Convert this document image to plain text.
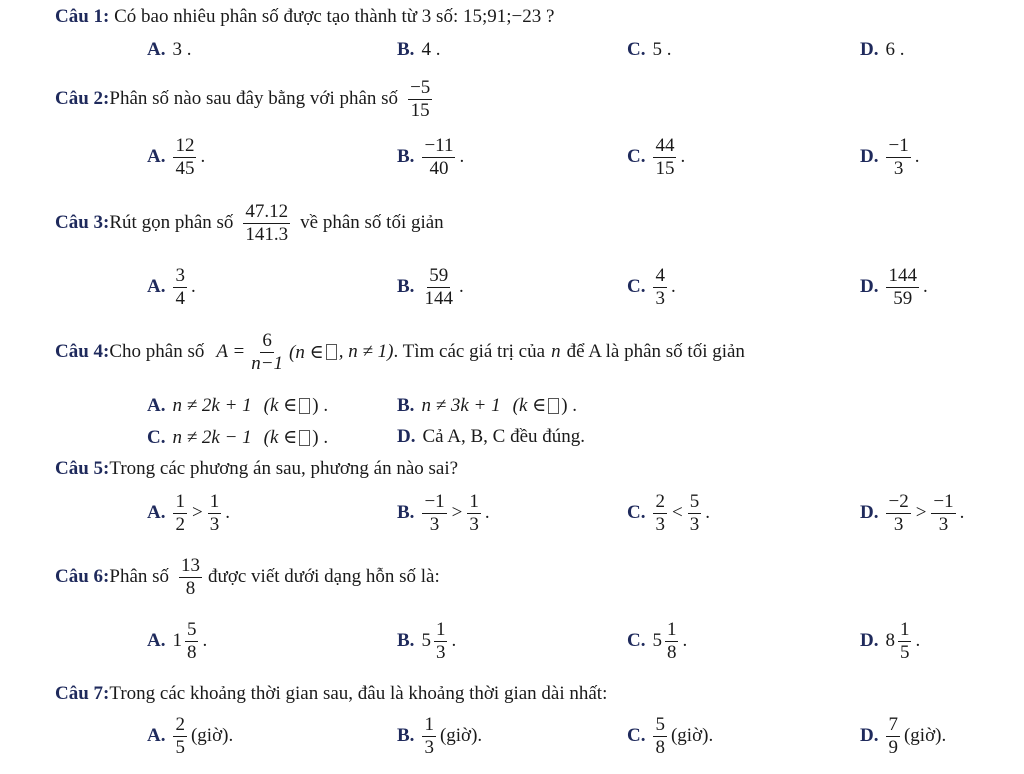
Câu 1: Có bao nhiêu phân số được tạo thành từ 3 số: 15;91;−23 ?
A. 3 .	B. 4 .	C. 5 .	D. 6 .
Câu 2: Phân số nào sau đây bằng với phân số $\frac{-5}{15}$
A. $\frac{12}{45}$ .	B. $\frac{-11}{40}$ .	C. $\frac{44}{15}$ .	D. $\frac{-1}{3}$ .
Câu 3: Rút gọn phân số $\frac{47.12}{141.3}$ về phân số tối giản
A. $\frac{3}{4}$ .	B. $\frac{59}{144}$ .	C. $\frac{4}{3}$ .	D. $\frac{144}{59}$ .
Câu 4: Cho phân số $A = \frac{6}{n-1} (n$ ∈ , n ≠ 1) . Tìm các giá trị của n để A là phân số tối giản
A. n ≠ 2k + 1 (k ∈ ) .	B. n ≠ 3k + 1 (k ∈ ) .
C. n ≠ 2k − 1 (k ∈ ) .	D. Cả A, B, C đều đúng.
Câu 5: Trong các phương án sau, phương án nào sai?
A. $\frac{1}{2} > \frac{1}{3}$ .	B. $\frac{-1}{3} > \frac{1}{3}$ .	C. $\frac{2}{3} < \frac{5}{3}$ .	D. $\frac{-2}{3} > \frac{-1}{3}$ .
Câu 6: Phân số $\frac{13}{8}$ được viết dưới dạng hỗn số là:
A. $1 \frac{5}{8}$ .	B. $5 \frac{1}{3}$ .	C. $5 \frac{1}{8}$ .	D. $8 \frac{1}{5}$ .
Câu 7: Trong các khoảng thời gian sau, đâu là khoảng thời gian dài nhất:
A. $\frac{2}{5}$ (giờ).	B. $\frac{1}{3}$ (giờ).	C. $\frac{5}{8}$ (giờ).	D. $\frac{7}{9}$ (giờ).
